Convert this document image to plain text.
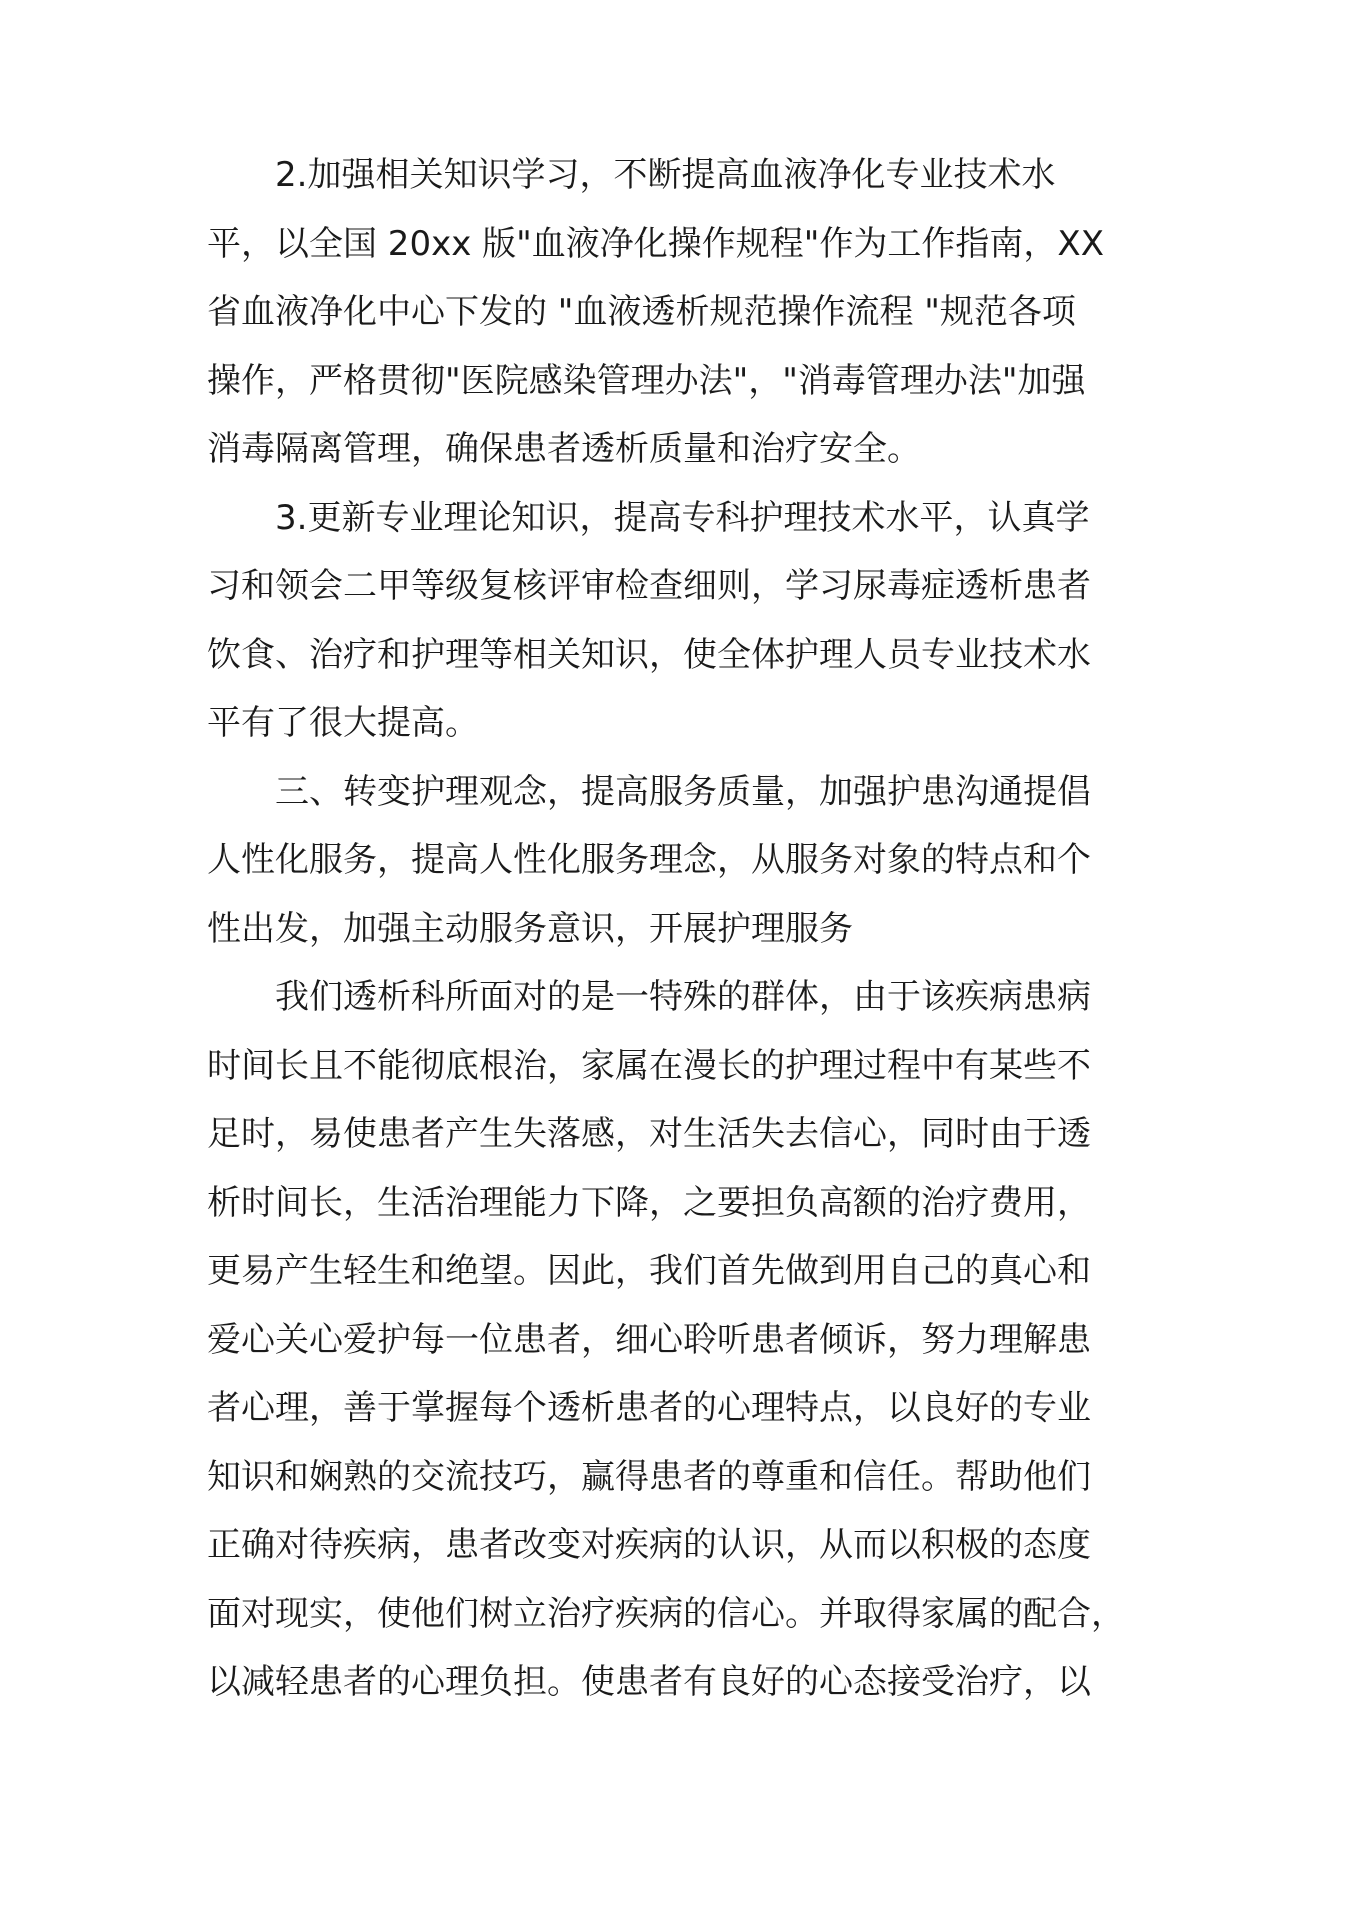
2.加强相关知识学习，不断提高血液净化专业技术水
平，以全国 20xx 版"血液净化操作规程"作为工作指南，XX
省血液净化中心下发的 "血液透析规范操作流程 "规范各项
操作，严格贯彻"医院感染管理办法"，"消毒管理办法"加强
消毒隔离管理，确保患者透析质量和治疗安全。

3.更新专业理论知识，提高专科护理技术水平，认真学
习和领会二甲等级复核评审检查细则，学习尿毒症透析患者
饮食、治疗和护理等相关知识，使全体护理人员专业技术水
平有了很大提高。

三、转变护理观念，提高服务质量，加强护患沟通提倡
人性化服务，提高人性化服务理念，从服务对象的特点和个
性出发，加强主动服务意识，开展护理服务

我们透析科所面对的是一特殊的群体，由于该疾病患病
时间长且不能彻底根治，家属在漫长的护理过程中有某些不
足时，易使患者产生失落感，对生活失去信心，同时由于透
析时间长，生活治理能力下降，之要担负高额的治疗费用，
更易产生轻生和绝望。因此，我们首先做到用自己的真心和
爱心关心爱护每一位患者，细心聆听患者倾诉，努力理解患
者心理，善于掌握每个透析患者的心理特点，以良好的专业
知识和娴熟的交流技巧，赢得患者的尊重和信任。帮助他们
正确对待疾病，患者改变对疾病的认识，从而以积极的态度
面对现实，使他们树立治疗疾病的信心。并取得家属的配合，
以减轻患者的心理负担。使患者有良好的心态接受治疗，以
